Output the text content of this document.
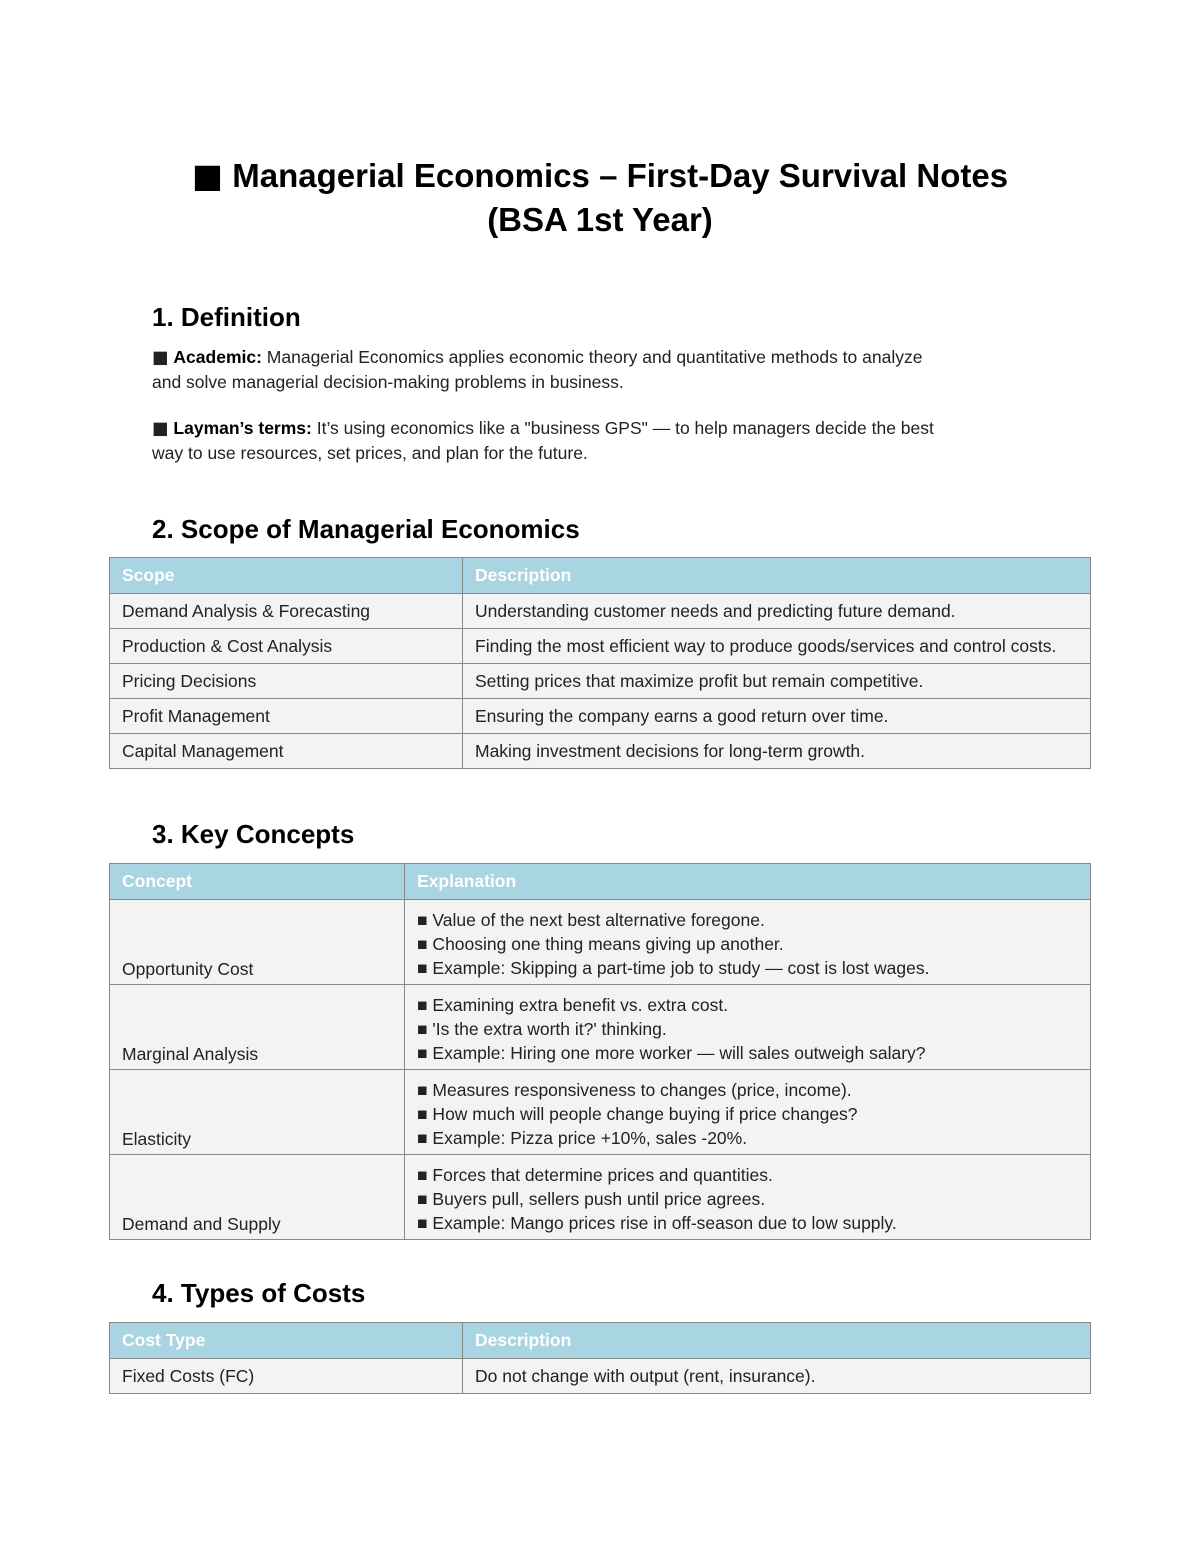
■ Managerial Economics – First-Day Survival Notes
(BSA 1st Year)
1. Definition

■ Academic: Managerial Economics applies economic theory and quantitative methods to analyze
and solve managerial decision-making problems in business.

■ Layman’s terms: It’s using economics like a "business GPS" — to help managers decide the best
way to use resources, set prices, and plan for the future.

2. Scope of Managerial Economics
Scope	Description
Demand Analysis & Forecasting	Understanding customer needs and predicting future demand.
Production & Cost Analysis	Finding the most efficient way to produce goods/services and control costs.
Pricing Decisions	Setting prices that maximize profit but remain competitive.
Profit Management	Ensuring the company earns a good return over time.
Capital Management	Making investment decisions for long-term growth.
3. Key Concepts
Concept	Explanation
Opportunity Cost	■ Value of the next best alternative foregone.
■ Choosing one thing means giving up another.
■ Example: Skipping a part-time job to study — cost is lost wages.

Marginal Analysis	■ Examining extra benefit vs. extra cost.
■ 'Is the extra worth it?' thinking.
■ Example: Hiring one more worker — will sales outweigh salary?

Elasticity	■ Measures responsiveness to changes (price, income).
■ How much will people change buying if price changes?
■ Example: Pizza price +10%, sales -20%.

Demand and Supply	■ Forces that determine prices and quantities.
■ Buyers pull, sellers push until price agrees.
■ Example: Mango prices rise in off-season due to low supply.
4. Types of Costs
Cost Type	Description
Fixed Costs (FC)	Do not change with output (rent, insurance).
